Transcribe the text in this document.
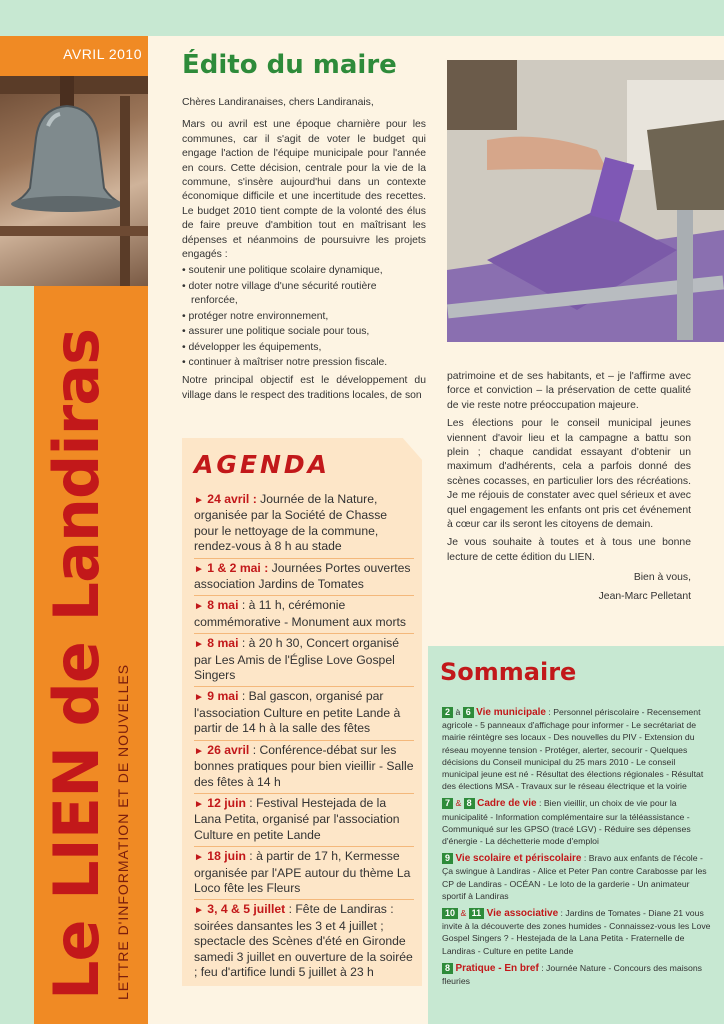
AVRIL 2010
Le LIEN de Landiras LETTRE D'INFORMATION ET DE NOUVELLES
Édito du maire

Chères Landiranaises, chers Landiranais,

Mars ou avril est une époque charnière pour les communes, car il s'agit de voter le budget qui engage l'action de l'équipe municipale pour l'année en cours. Cette décision, centrale pour la vie de la commune, s'insère aujourd'hui dans un contexte économique difficile et une incertitude des recettes. Le budget 2010 tient compte de la volonté des élus de faire preuve d'ambition tout en maîtrisant les dépenses et néanmoins de poursuivre les projets engagés :

• soutenir une politique scolaire dynamique,
• doter notre village d'une sécurité routière renforcée,
• protéger notre environnement,
• assurer une politique sociale pour tous,
• développer les équipements,
• continuer à maîtriser notre pression fiscale.

Notre principal objectif est le développement du village dans le respect des traditions locales, de son

patrimoine et de ses habitants, et – je l'affirme avec force et conviction – la préservation de cette qualité de vie reste notre préoccupation majeure.

Les élections pour le conseil municipal jeunes viennent d'avoir lieu et la campagne a battu son plein ; chaque candidat essayant d'obtenir un maximum d'adhérents, cela a parfois donné des scènes cocasses, en particulier lors des récréations. Je me réjouis de constater avec quel sérieux et avec quel engagement les enfants ont pris cet événement à cœur car ils seront les citoyens de demain.

Je vous souhaite à toutes et à tous une bonne lecture de cette édition du LIEN.

Bien à vous,

Jean-Marc Pelletant

AGENDA
► 24 avril : Journée de la Nature, organisée par la Société de Chasse pour le nettoyage de la commune, rendez-vous à 8 h au stade
► 1 & 2 mai : Journées Portes ouvertes association Jardins de Tomates
► 8 mai : à 11 h, cérémonie commémorative - Monument aux morts
► 8 mai : à 20 h 30, Concert organisé par Les Amis de l'Église Love Gospel Singers
► 9 mai : Bal gascon, organisé par l'association Culture en petite Lande à partir de 14 h à la salle des fêtes
► 26 avril : Conférence-débat sur les bonnes pratiques pour bien vieillir - Salle des fêtes à 14 h
► 12 juin : Festival Hestejada de la Lana Petita, organisé par l'association Culture en petite Lande
► 18 juin : à partir de 17 h, Kermesse organisée par l'APE autour du thème La Loco fête les Fleurs
► 3, 4 & 5 juillet : Fête de Landiras : soirées dansantes les 3 et 4 juillet ; spectacle des Scènes d'été en Gironde samedi 3 juillet en ouverture de la soirée ; feu d'artifice lundi 5 juillet à 23 h
Sommaire
2 à 6 Vie municipale : Personnel périscolaire - Recensement agricole - 5 panneaux d'affichage pour informer - Le secrétariat de mairie réintègre ses locaux - Des nouvelles du PIV - Extension du réseau moyenne tension - Protéger, alerter, secourir - Quelques décisions du Conseil municipal du 25 mars 2010 - Le conseil municipal jeune est né - Résultat des élections régionales - Résultat des élections MSA - Travaux sur le réseau électrique et la voirie
7 & 8 Cadre de vie : Bien vieillir, un choix de vie pour la municipalité - Information complémentaire sur la téléassistance - Communiqué sur les GPSO (tracé LGV) - Réduire ses dépenses d'énergie - La déchetterie mode d'emploi
9 Vie scolaire et périscolaire : Bravo aux enfants de l'école - Ça swingue à Landiras - Alice et Peter Pan contre Carabosse par les CP de Landiras - OCÉAN - Le loto de la garderie - Un animateur sportif à Landiras
10 & 11 Vie associative : Jardins de Tomates - Diane 21 vous invite à la découverte des zones humides - Connaissez-vous les Love Gospel Singers ? - Hestejada de la Lana Petita - Fraternelle de Landiras - Culture en petite Lande
8 Pratique - En bref : Journée Nature - Concours des maisons fleuries
